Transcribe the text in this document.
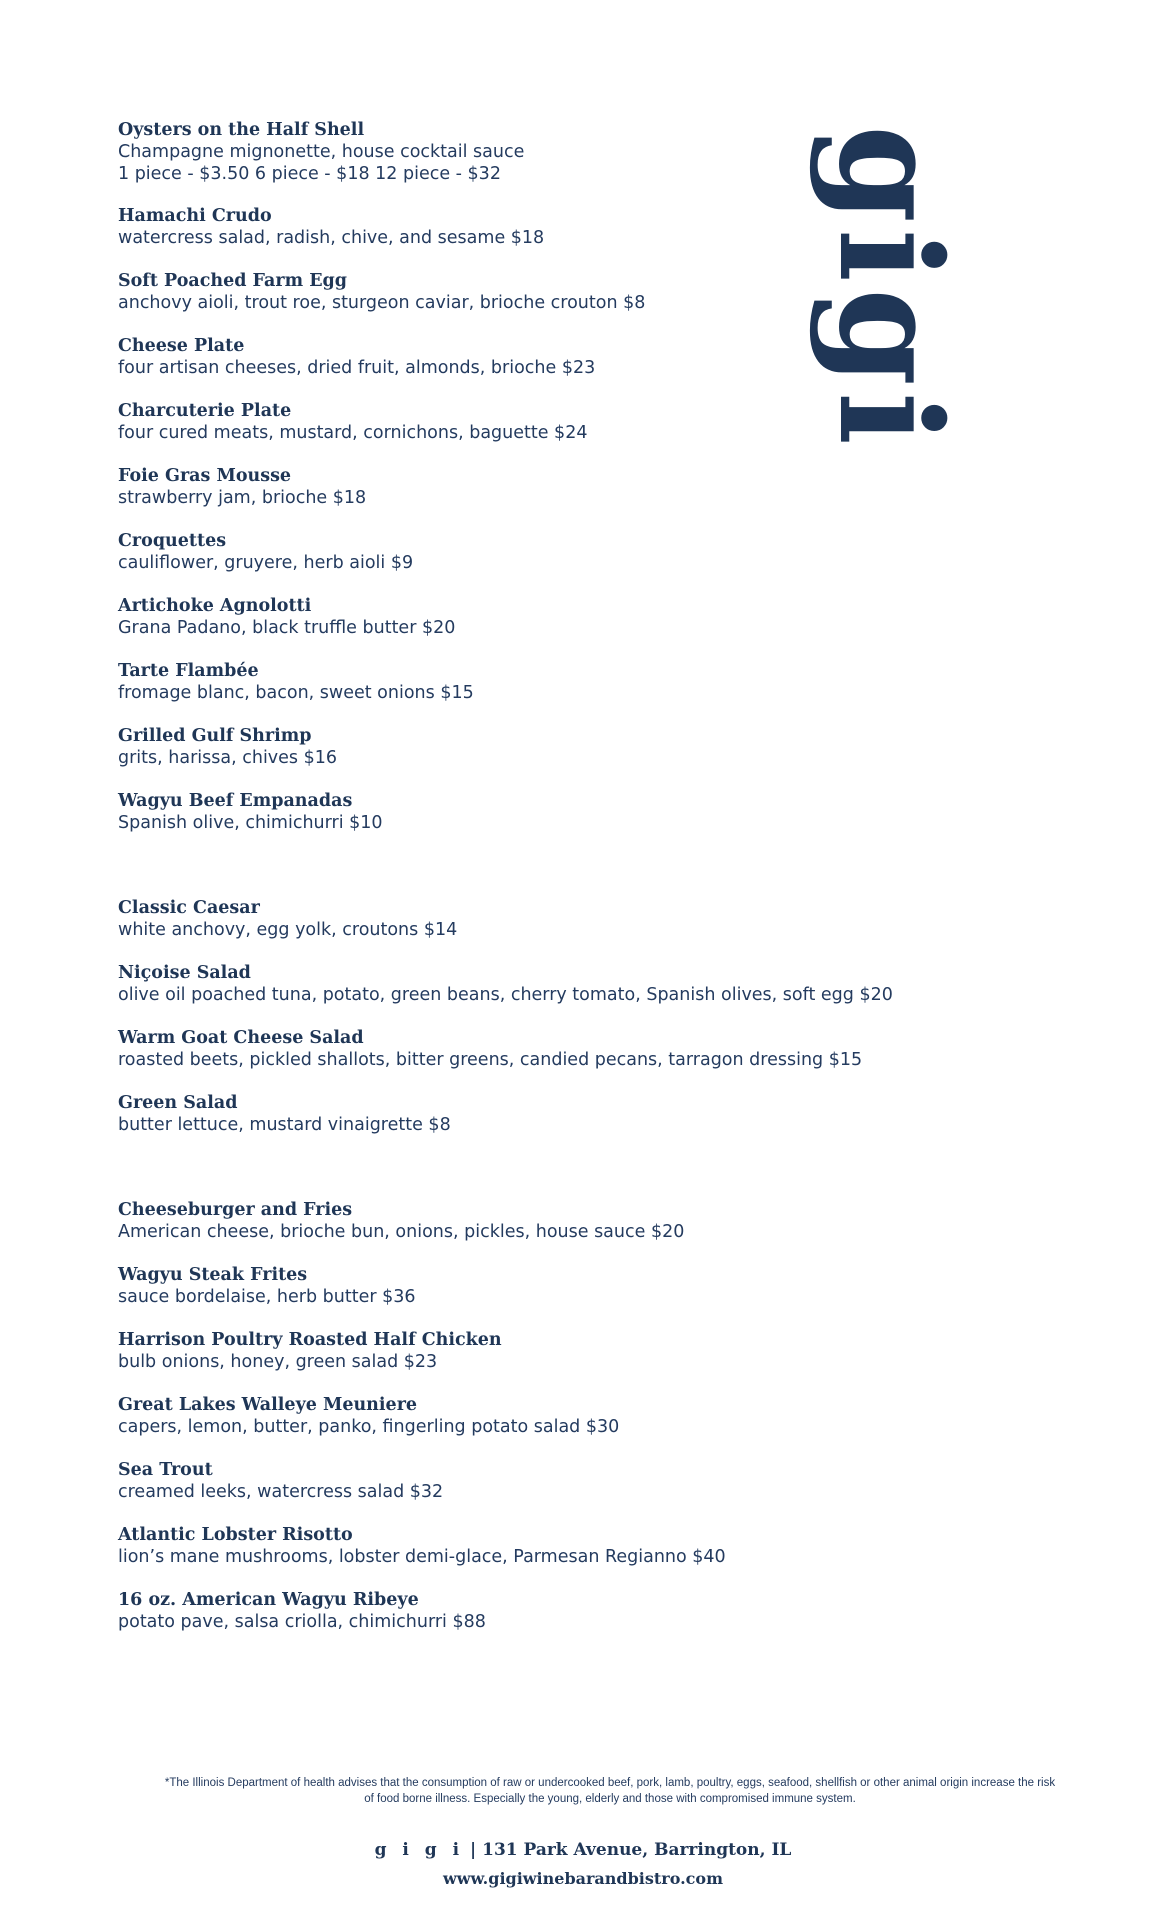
gigi
Oysters on the Half Shell
Champagne mignonette, house cocktail sauce
1 piece - $3.50 6 piece - $18 12 piece - $32
Hamachi Crudo
watercress salad, radish, chive, and sesame $18
Soft Poached Farm Egg
anchovy aioli, trout roe, sturgeon caviar, brioche crouton $8
Cheese Plate
four artisan cheeses, dried fruit, almonds, brioche $23
Charcuterie Plate
four cured meats, mustard, cornichons, baguette $24
Foie Gras Mousse
strawberry jam, brioche $18
Croquettes
cauliflower, gruyere, herb aioli $9
Artichoke Agnolotti
Grana Padano, black truffle butter $20
Tarte Flambée
fromage blanc, bacon, sweet onions $15
Grilled Gulf Shrimp
grits, harissa, chives $16
Wagyu Beef Empanadas
Spanish olive, chimichurri $10
Classic Caesar
white anchovy, egg yolk, croutons $14
Niçoise Salad
olive oil poached tuna, potato, green beans, cherry tomato, Spanish olives, soft egg $20
Warm Goat Cheese Salad
roasted beets, pickled shallots, bitter greens, candied pecans, tarragon dressing $15
Green Salad
butter lettuce, mustard vinaigrette $8
Cheeseburger and Fries
American cheese, brioche bun, onions, pickles, house sauce $20
Wagyu Steak Frites
sauce bordelaise, herb butter $36
Harrison Poultry Roasted Half Chicken
bulb onions, honey, green salad $23
Great Lakes Walleye Meuniere
capers, lemon, butter, panko, fingerling potato salad $30
Sea Trout
creamed leeks, watercress salad $32
Atlantic Lobster Risotto
lion’s mane mushrooms, lobster demi-glace, Parmesan Regianno $40
16 oz. American Wagyu Ribeye
potato pave, salsa criolla, chimichurri $88
*The Illinois Department of health advises that the consumption of raw or undercooked beef, pork, lamb, poultry, eggs, seafood, shellfish or other animal origin increase the risk
of food borne illness. Especially the young, elderly and those with compromised immune system.
g i g i | 131 Park Avenue, Barrington, IL
www.gigiwinebarandbistro.com
